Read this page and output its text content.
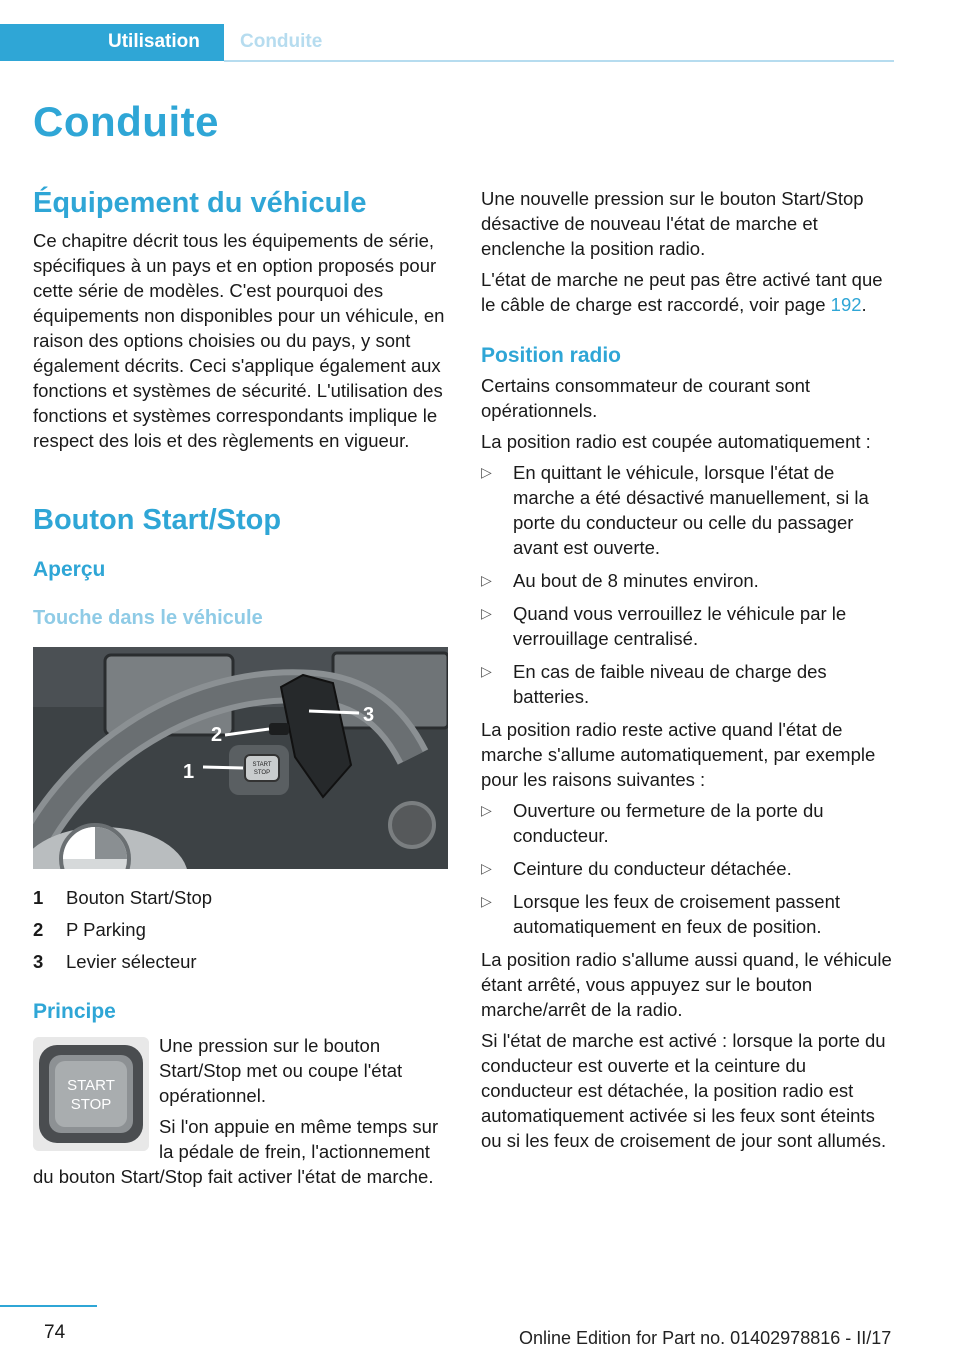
Utilisation Conduite
Conduite
Équipement du véhicule

Ce chapitre décrit tous les équipements de série, spécifiques à un pays et en option proposés pour cette série de modèles. C'est pourquoi des équipements non disponibles pour un véhicule, en raison des options choisies ou du pays, y sont également décrits. Ceci s'applique également aux fonctions et systèmes de sécurité. L'utilisation des fonctions et systèmes correspondants implique le respect des lois et des règlements en vigueur.

Bouton Start/Stop
Aperçu
Touche dans le véhicule
START
STOP
1
2
3
1	Bouton Start/Stop
2	P Parking
3	Levier sélecteur
Principe
START
STOP

Une pression sur le bouton Start/Stop met ou coupe l'état opérationnel.

Si l'on appuie en même temps sur la pédale de frein, l'actionnement du bouton Start/Stop fait activer l'état de marche.

Une nouvelle pression sur le bouton Start/Stop désactive de nouveau l'état de marche et enclenche la position radio.

L'état de marche ne peut pas être activé tant que le câble de charge est raccordé, voir page 192.

Position radio

Certains consommateur de courant sont opérationnels.

La position radio est coupée automatiquement :

▷ En quittant le véhicule, lorsque l'état de marche a été désactivé manuellement, si la porte du conducteur ou celle du passager avant est ouverte.
▷ Au bout de 8 minutes environ.
▷ Quand vous verrouillez le véhicule par le verrouillage centralisé.
▷ En cas de faible niveau de charge des batteries.

La position radio reste active quand l'état de marche s'allume automatiquement, par exemple pour les raisons suivantes :

▷ Ouverture ou fermeture de la porte du conducteur.
▷ Ceinture du conducteur détachée.
▷ Lorsque les feux de croisement passent automatiquement en feux de position.

La position radio s'allume aussi quand, le véhicule étant arrêté, vous appuyez sur le bouton marche/arrêt de la radio.

Si l'état de marche est activé : lorsque la porte du conducteur est ouverte et la ceinture du conducteur est détachée, la position radio est automatiquement activée si les feux sont éteints ou si les feux de croisement de jour sont allumés.

74	Online Edition for Part no. 01402978816 - II/17
